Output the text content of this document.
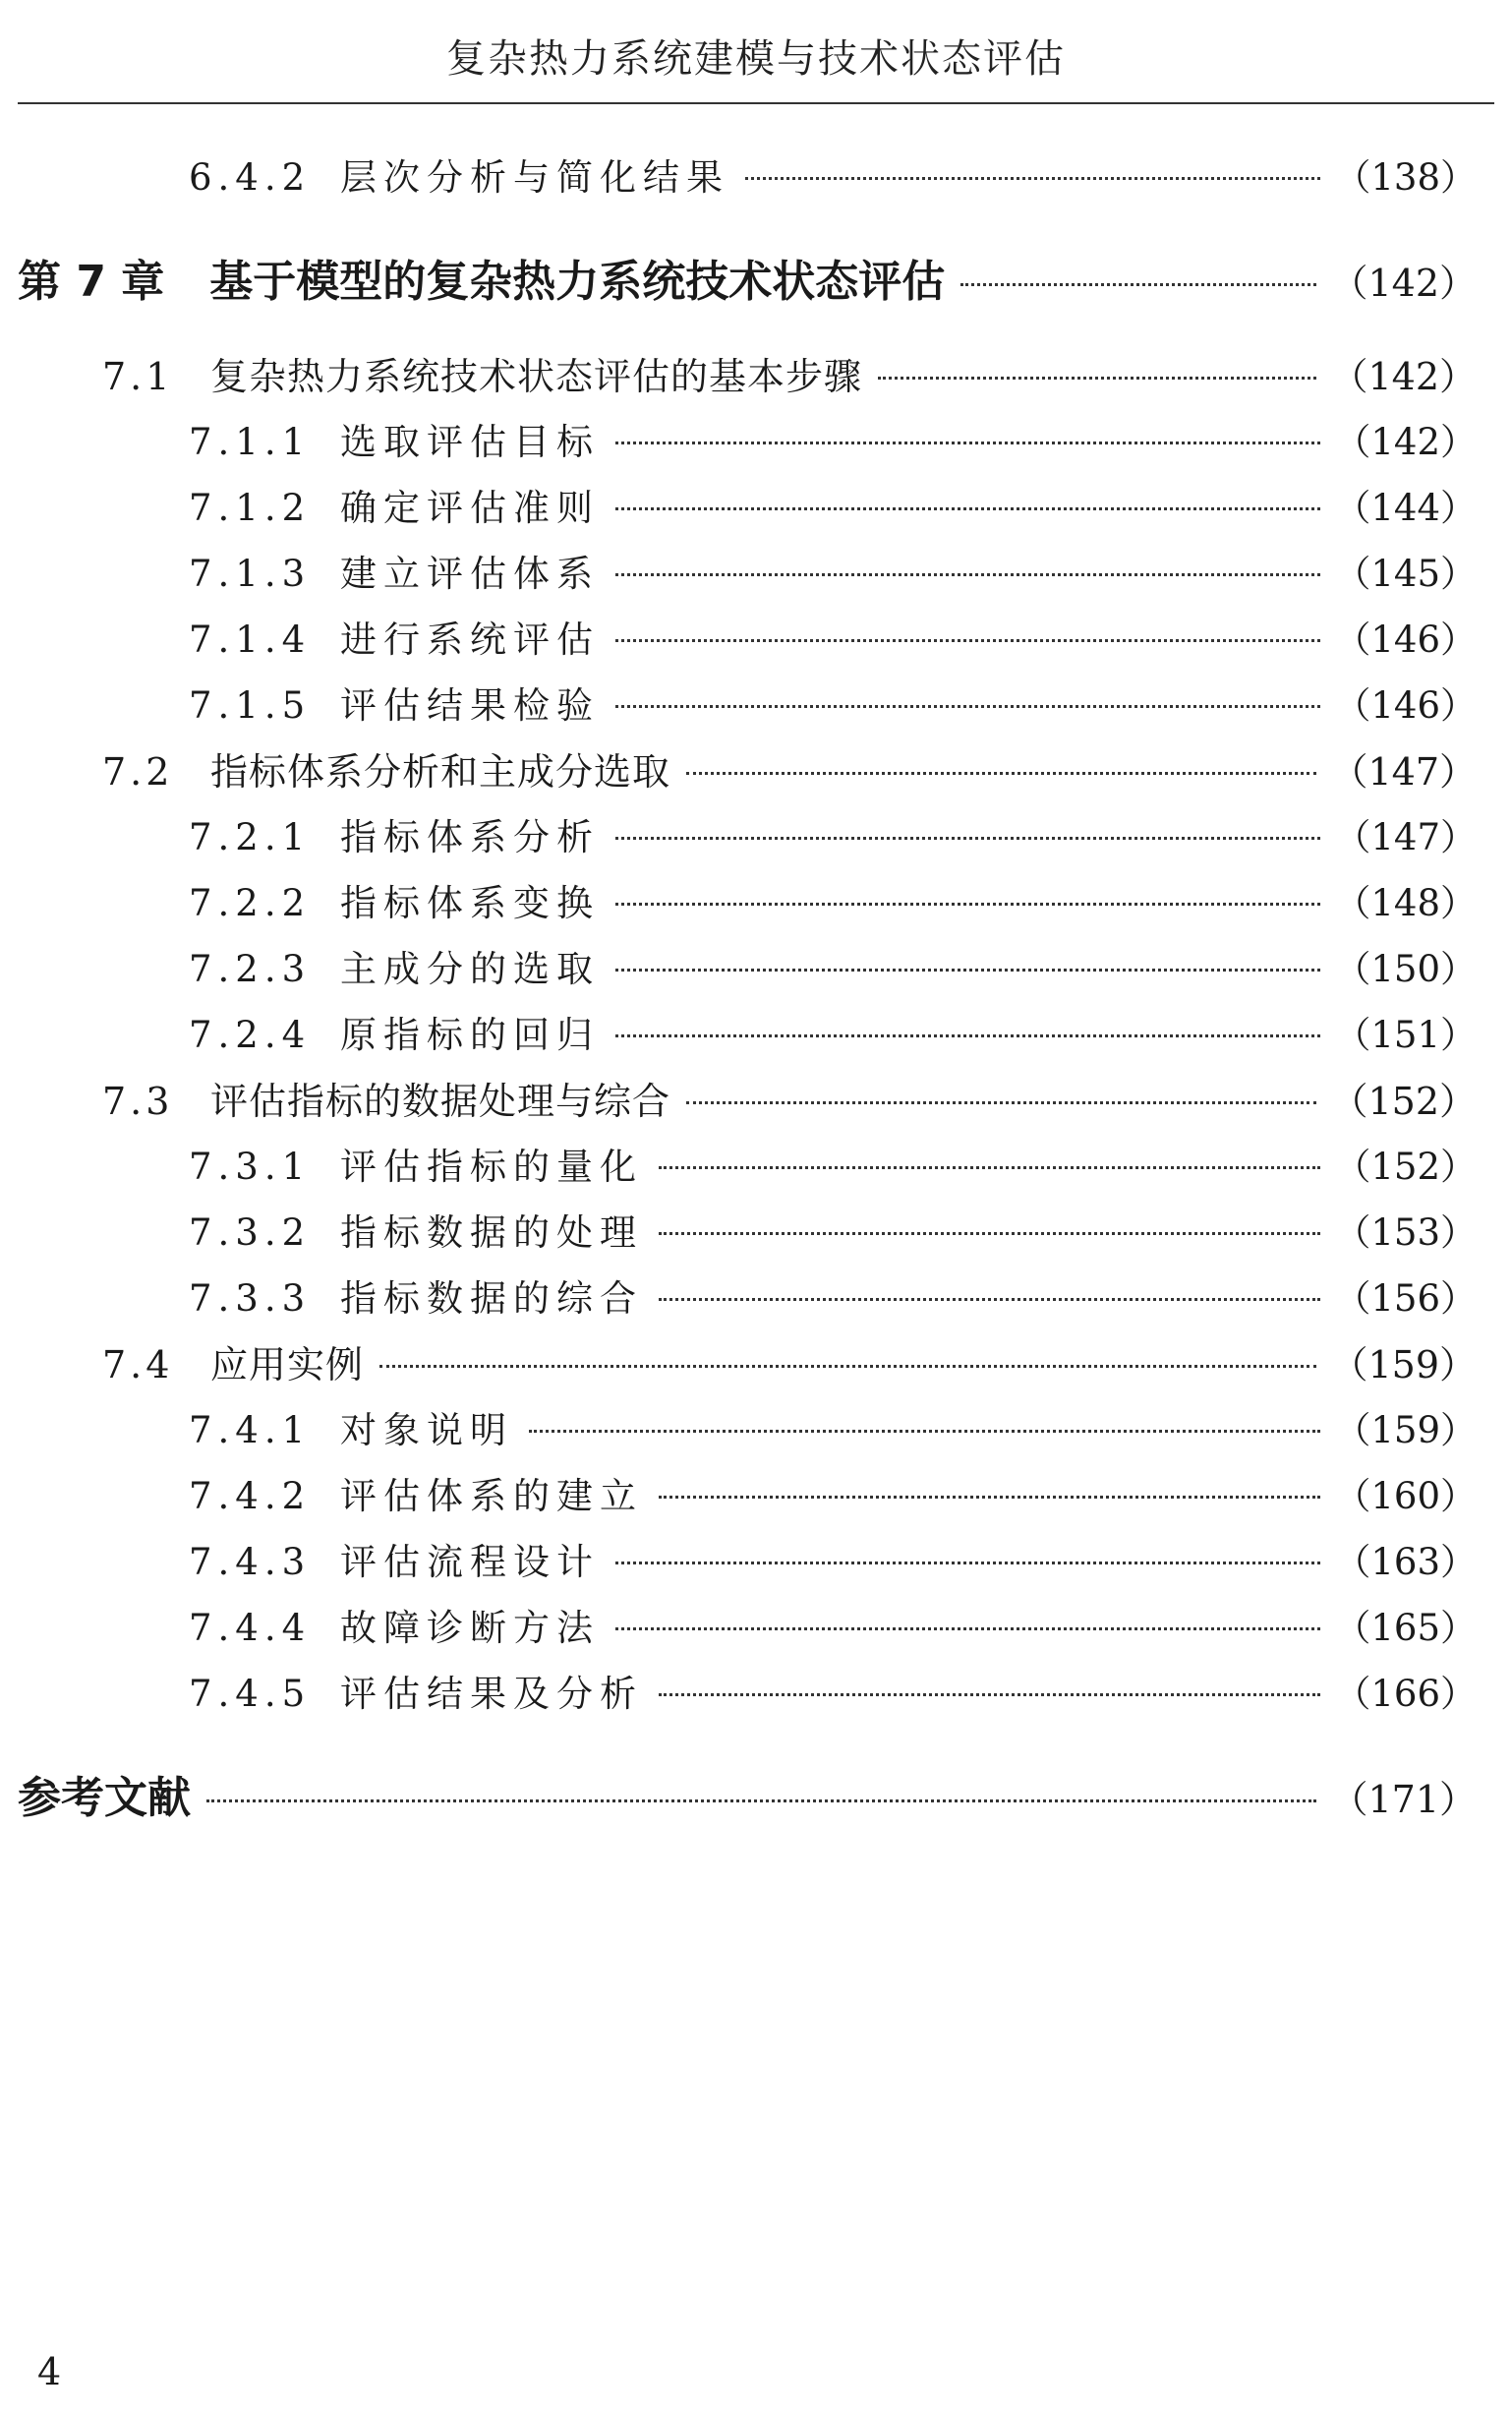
复杂热力系统建模与技术状态评估
6.4.2 层次分析与简化结果	（138）
第 7 章 基于模型的复杂热力系统技术状态评估	（142）
7.1 复杂热力系统技术状态评估的基本步骤	（142）
7.1.1 选取评估目标	（142）
7.1.2 确定评估准则	（144）
7.1.3 建立评估体系	（145）
7.1.4 进行系统评估	（146）
7.1.5 评估结果检验	（146）
7.2 指标体系分析和主成分选取	（147）
7.2.1 指标体系分析	（147）
7.2.2 指标体系变换	（148）
7.2.3 主成分的选取	（150）
7.2.4 原指标的回归	（151）
7.3 评估指标的数据处理与综合	（152）
7.3.1 评估指标的量化	（152）
7.3.2 指标数据的处理	（153）
7.3.3 指标数据的综合	（156）
7.4 应用实例	（159）
7.4.1 对象说明	（159）
7.4.2 评估体系的建立	（160）
7.4.3 评估流程设计	（163）
7.4.4 故障诊断方法	（165）
7.4.5 评估结果及分析	（166）
参考文献	（171）
4
